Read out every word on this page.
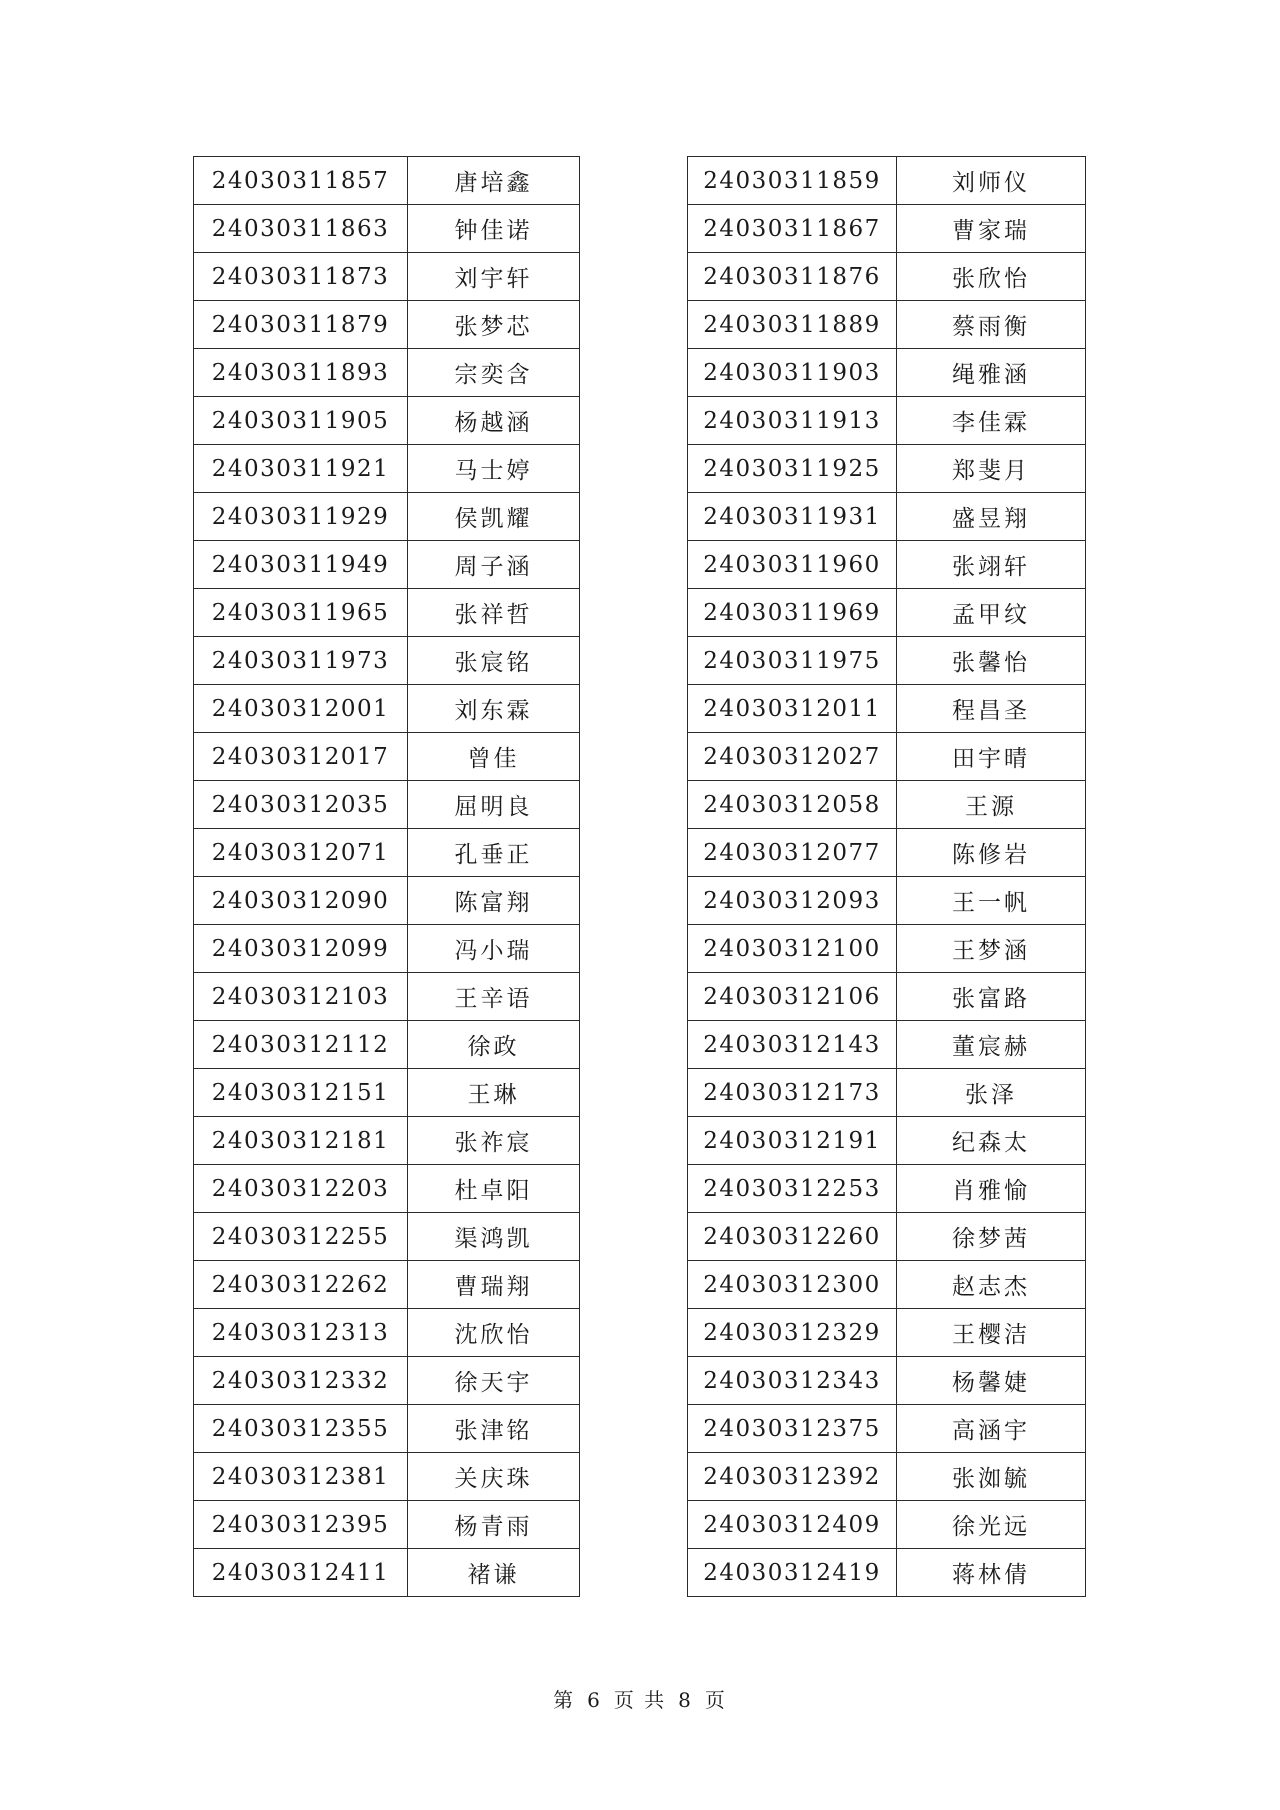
24030311857	唐培鑫
24030311863	钟佳诺
24030311873	刘宇轩
24030311879	张梦芯
24030311893	宗奕含
24030311905	杨越涵
24030311921	马士婷
24030311929	侯凯耀
24030311949	周子涵
24030311965	张祥哲
24030311973	张宸铭
24030312001	刘东霖
24030312017	曾佳
24030312035	屈明良
24030312071	孔垂正
24030312090	陈富翔
24030312099	冯小瑞
24030312103	王辛语
24030312112	徐政
24030312151	王琳
24030312181	张祚宸
24030312203	杜卓阳
24030312255	渠鸿凯
24030312262	曹瑞翔
24030312313	沈欣怡
24030312332	徐天宇
24030312355	张津铭
24030312381	关庆珠
24030312395	杨青雨
24030312411	褚谦
24030311859	刘师仪
24030311867	曹家瑞
24030311876	张欣怡
24030311889	蔡雨衡
24030311903	绳雅涵
24030311913	李佳霖
24030311925	郑斐月
24030311931	盛昱翔
24030311960	张翊轩
24030311969	孟甲纹
24030311975	张馨怡
24030312011	程昌圣
24030312027	田宇晴
24030312058	王源
24030312077	陈修岩
24030312093	王一帆
24030312100	王梦涵
24030312106	张富路
24030312143	董宸赫
24030312173	张泽
24030312191	纪森太
24030312253	肖雅愉
24030312260	徐梦茜
24030312300	赵志杰
24030312329	王樱洁
24030312343	杨馨婕
24030312375	高涵宇
24030312392	张洳毓
24030312409	徐光远
24030312419	蒋林倩
第 6 页 共 8 页
